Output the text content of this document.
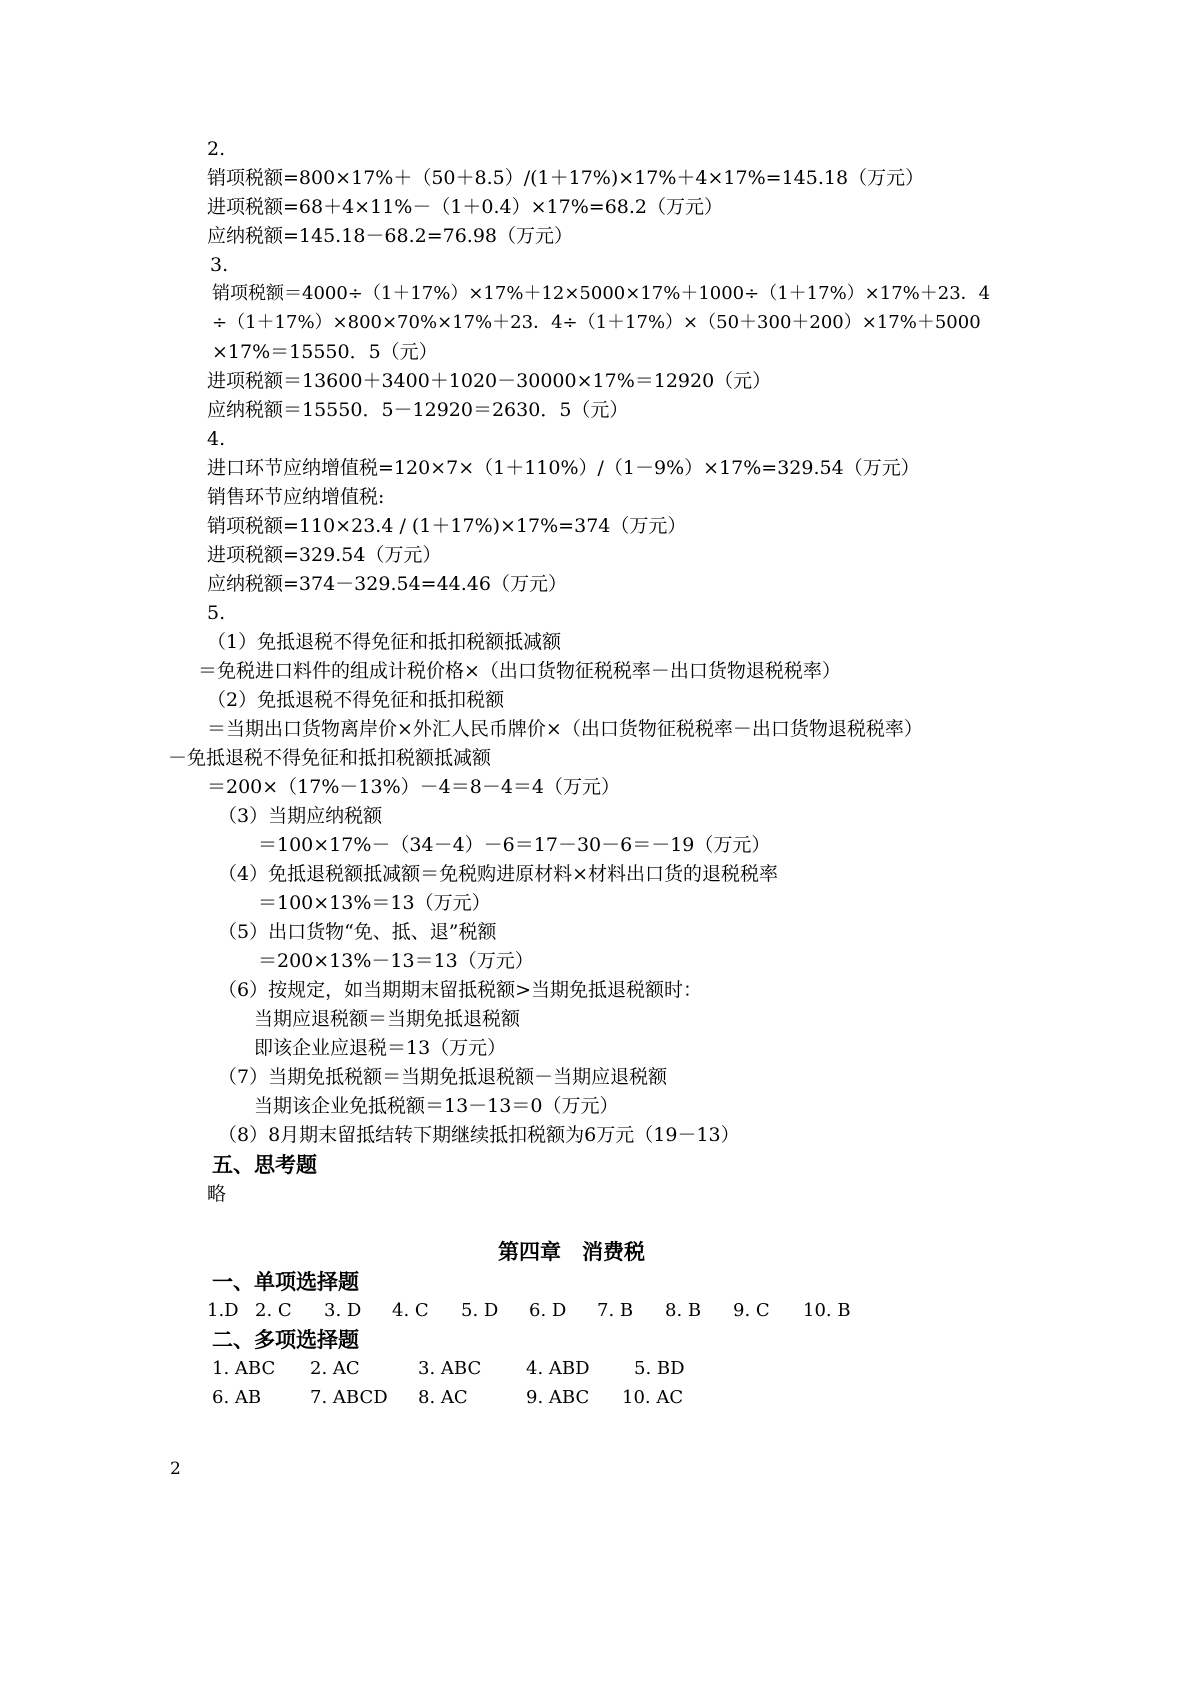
2.
销项税额=800×17%＋（50＋8.5）/(1＋17%)×17%＋4×17%=145.18（万元）
进项税额=68＋4×11%－（1＋0.4）×17%=68.2（万元）
应纳税额=145.18－68.2=76.98（万元）
3.
销项税额＝4000÷（1＋17%）×17%＋12×5000×17%＋1000÷（1＋17%）×17%＋23．4
÷（1＋17%）×800×70%×17%＋23．4÷（1＋17%）×（50＋300＋200）×17%＋5000
×17%＝15550．5（元）
进项税额＝13600＋3400＋1020－30000×17%＝12920（元）
应纳税额＝15550．5－12920＝2630．5（元）
4.
进口环节应纳增值税=120×7×（1＋110%）/（1－9%）×17%=329.54（万元）
销售环节应纳增值税:
销项税额=110×23.4 / (1＋17%)×17%=374（万元）
进项税额=329.54（万元）
应纳税额=374－329.54=44.46（万元）
5.
（1）免抵退税不得免征和抵扣税额抵减额
＝免税进口料件的组成计税价格×（出口货物征税税率－出口货物退税税率）
（2）免抵退税不得免征和抵扣税额
＝当期出口货物离岸价×外汇人民币牌价×（出口货物征税税率－出口货物退税税率）
－免抵退税不得免征和抵扣税额抵减额
＝200×（17%－13%）－4＝8－4＝4（万元）
（3）当期应纳税额
＝100×17%－（34－4）－6＝17－30－6＝－19（万元）
（4）免抵退税额抵减额＝免税购进原材料×材料出口货的退税税率
＝100×13%＝13（万元）
（5）出口货物“免、抵、退”税额
＝200×13%－13＝13（万元）
（6）按规定，如当期期末留抵税额>当期免抵退税额时：
当期应退税额＝当期免抵退税额
即该企业应退税＝13（万元）
（7）当期免抵税额＝当期免抵退税额－当期应退税额
当期该企业免抵税额＝13－13＝0（万元）
（8）8月期末留抵结转下期继续抵扣税额为6万元（19－13）
五、思考题
略
第四章　消费税
一、单项选择题
1.D 2. C 3. D 4. C 5. D 6. D 7. B 8. B 9. C 10. B
二、多项选择题
1. ABC 2. AC	3. ABC 4. ABD 5. BD
6. AB	7. ABCD 8. AC	9. ABC 10. AC
2
